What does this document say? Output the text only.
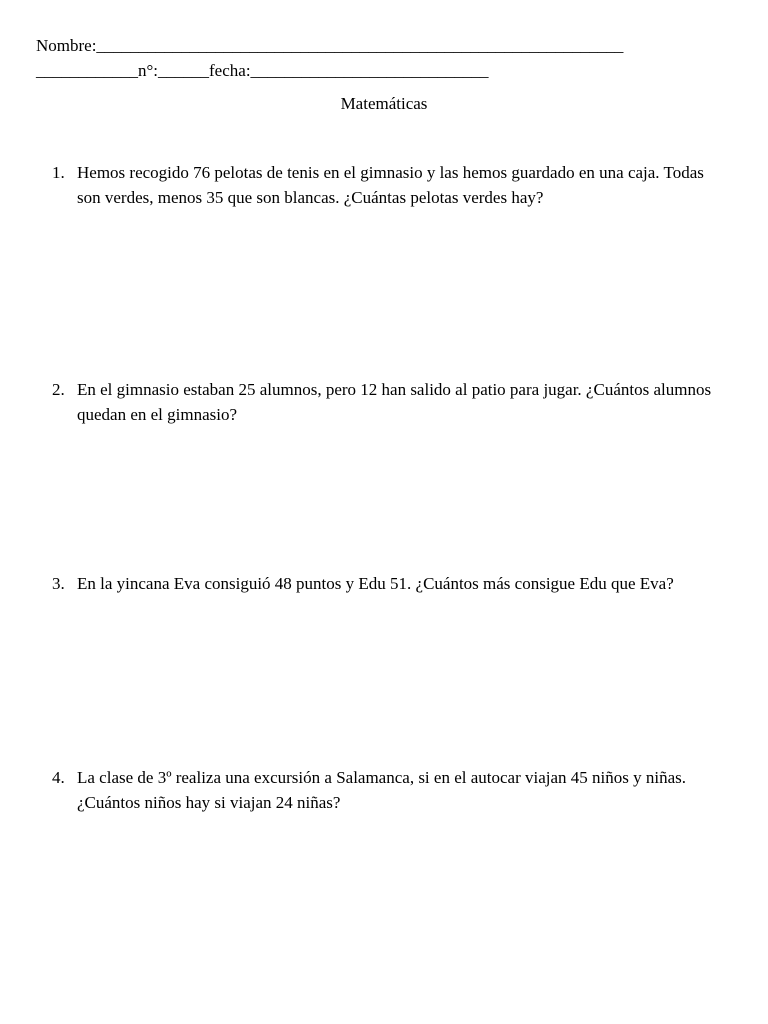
Nombre:______________________________________________________________
____________n°:______fecha:____________________________
Matemáticas
1. Hemos recogido 76 pelotas de tenis en el gimnasio y las hemos guardado en una caja. Todas son verdes, menos 35 que son blancas. ¿Cuántas pelotas verdes hay?
2. En el gimnasio estaban 25 alumnos, pero 12 han salido al patio para jugar. ¿Cuántos alumnos quedan en el gimnasio?
3. En la yincana Eva consiguió 48 puntos y Edu 51. ¿Cuántos más consigue Edu que Eva?
4. La clase de 3º realiza una excursión a Salamanca, si en el autocar viajan 45 niños y niñas. ¿Cuántos niños hay si viajan 24 niñas?
